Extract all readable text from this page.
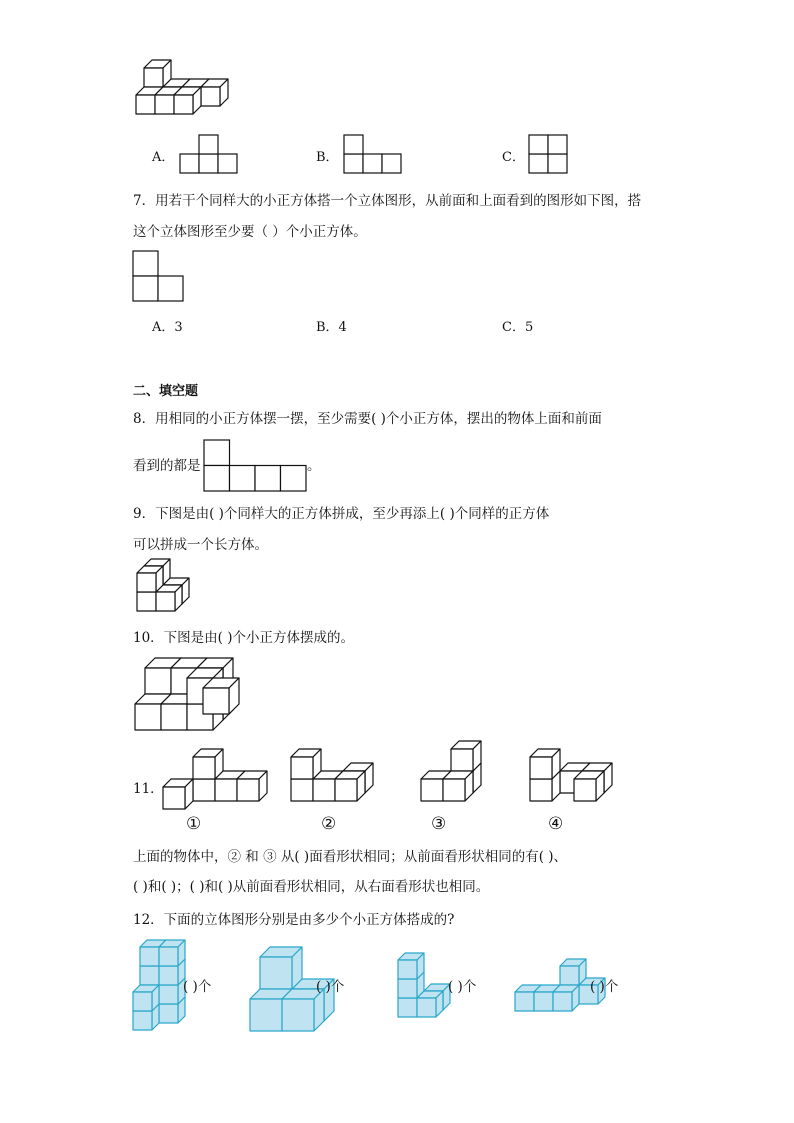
A．	B．	C．
7．用若干个同样大的小正方体搭一个立体图形，从前面和上面看到的图形如下图，搭
这个立体图形至少要（ ）个小正方体。
A．3	B．4	C．5
二、填空题
8．用相同的小正方体摆一摆，至少需要( )个小正方体，摆出的物体上面和前面
看到的都是	。
9．下图是由( )个同样大的正方体拼成，至少再添上( )个同样的正方体
可以拼成一个长方体。
10．下图是由( )个小正方体摆成的。
11．
①	②	③	④
上面的物体中，② 和 ③ 从( )面看形状相同；从前面看形状相同的有( )、
( )和( )；( )和( )从前面看形状相同，从右面看形状也相同。
12．下面的立体图形分别是由多少个小正方体搭成的?
( )个	( )个	( )个	( )个
